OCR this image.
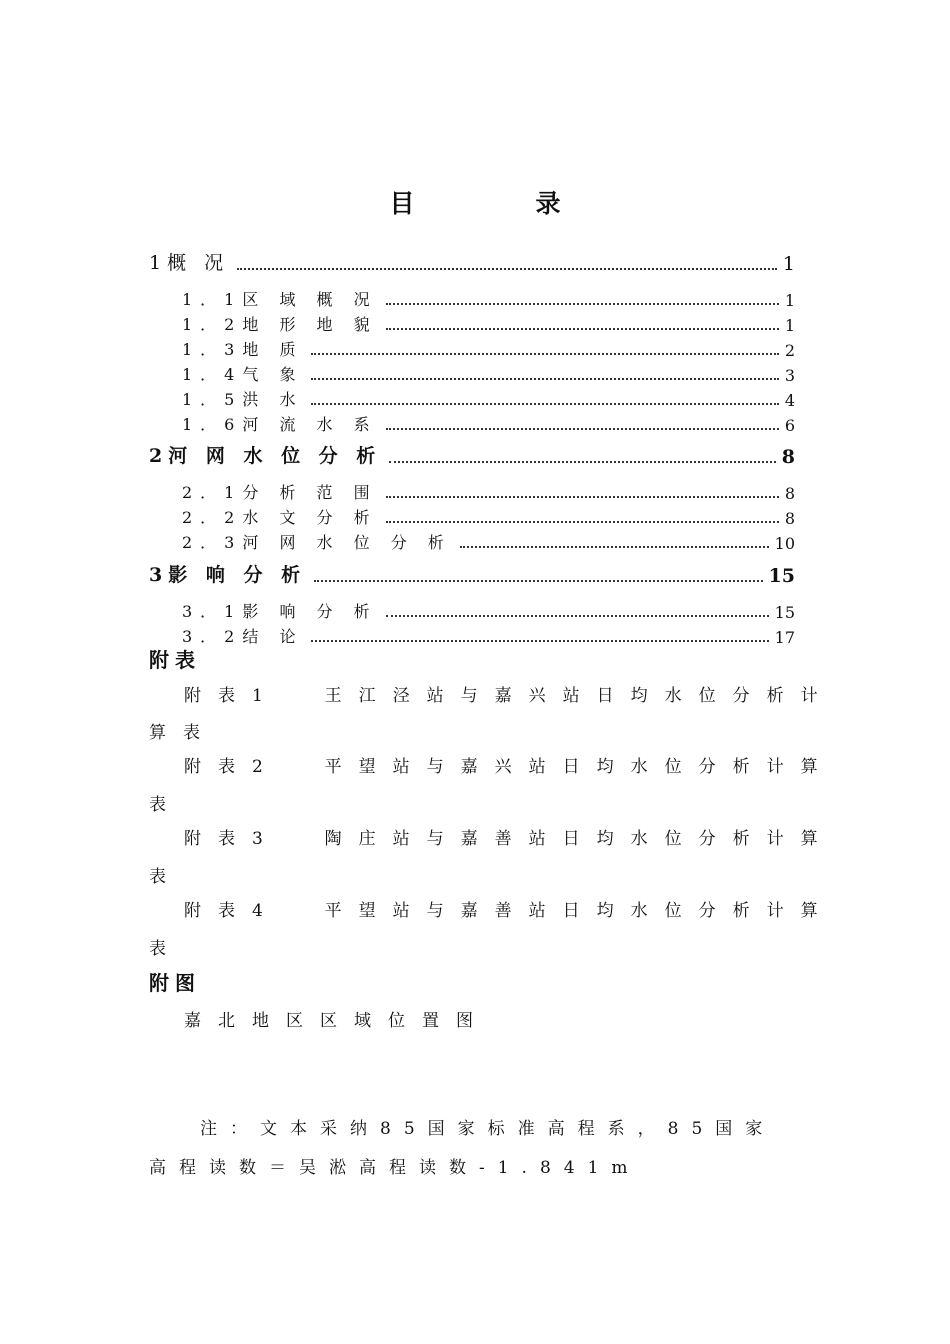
目　录
1概 况	1
1．1区 域 概 况	1
1．2地 形 地 貌	1
1．3地 质	2
1．4气 象	3
1．5洪 水	4
1．6河 流 水 系	6
2河 网 水 位 分 析	8
2．1分 析 范 围	8
2．2水 文 分 析	8
2．3河 网 水 位 分 析	10
3影 响 分 析	15
3．1影 响 分 析	15
3．2结 论	17
附表
附表1  王江泾站与嘉兴站日均水位分析计
算表
附表2  平望站与嘉兴站日均水位分析计算
表
附表3  陶庄站与嘉善站日均水位分析计算
表
附表4  平望站与嘉善站日均水位分析计算
表
附图
嘉北地区区域位置图
注：文本采纳85国家标准高程系，85国家
高程读数＝吴淞高程读数-1.841m
